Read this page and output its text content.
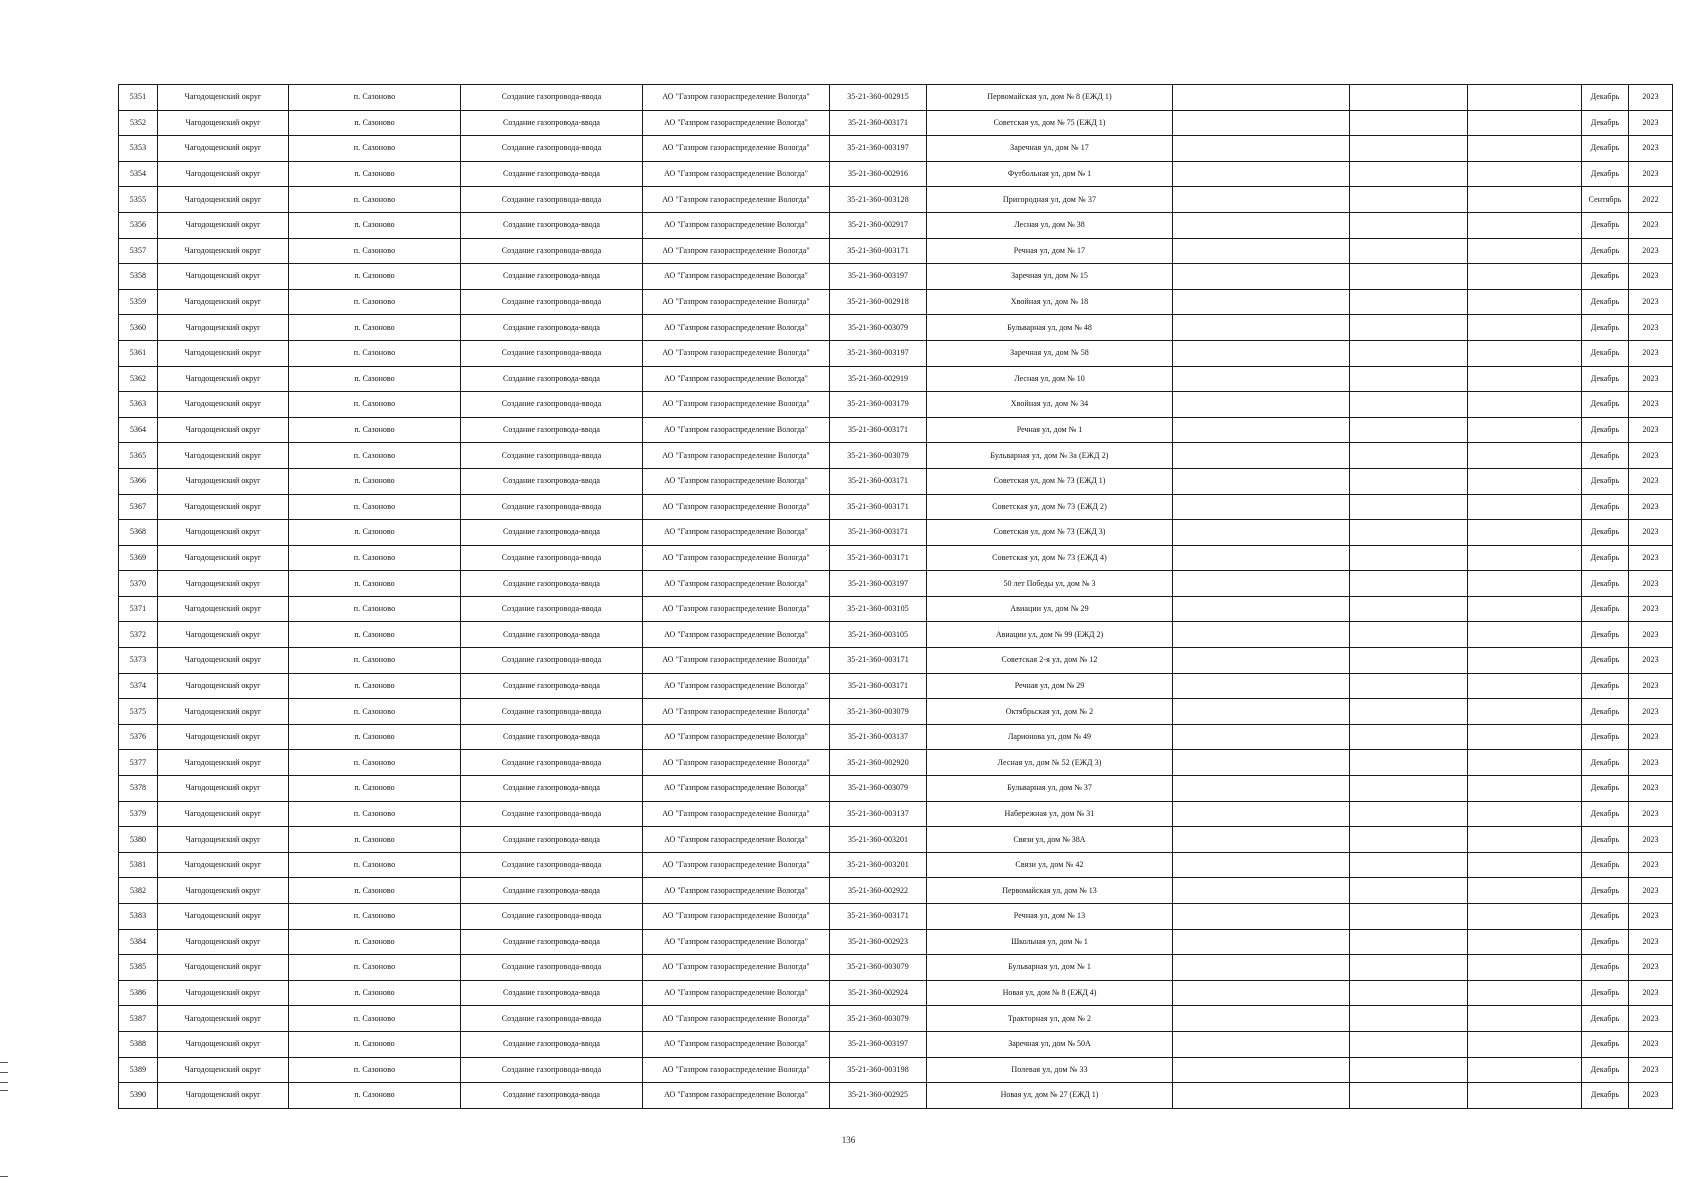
5351	Чагодощенский округ	п. Сазоново	Создание газопровода-ввода	АО "Газпром газораспределение Вологда"	35-21-360-002915	Первомайская ул, дом № 8 (ЕЖД 1)				Декабрь	2023
5352	Чагодощенский округ	п. Сазоново	Создание газопровода-ввода	АО "Газпром газораспределение Вологда"	35-21-360-003171	Советская ул, дом № 75 (ЕЖД 1)				Декабрь	2023
5353	Чагодощенский округ	п. Сазоново	Создание газопровода-ввода	АО "Газпром газораспределение Вологда"	35-21-360-003197	Заречная ул, дом № 17				Декабрь	2023
5354	Чагодощенский округ	п. Сазоново	Создание газопровода-ввода	АО "Газпром газораспределение Вологда"	35-21-360-002916	Футбольная ул, дом № 1				Декабрь	2023
5355	Чагодощенский округ	п. Сазоново	Создание газопровода-ввода	АО "Газпром газораспределение Вологда"	35-21-360-003128	Пригородная ул, дом № 37				Сентябрь	2022
5356	Чагодощенский округ	п. Сазоново	Создание газопровода-ввода	АО "Газпром газораспределение Вологда"	35-21-360-002917	Лесная ул, дом № 38				Декабрь	2023
5357	Чагодощенский округ	п. Сазоново	Создание газопровода-ввода	АО "Газпром газораспределение Вологда"	35-21-360-003171	Речная ул, дом № 17				Декабрь	2023
5358	Чагодощенский округ	п. Сазоново	Создание газопровода-ввода	АО "Газпром газораспределение Вологда"	35-21-360-003197	Заречная ул, дом № 15				Декабрь	2023
5359	Чагодощенский округ	п. Сазоново	Создание газопровода-ввода	АО "Газпром газораспределение Вологда"	35-21-360-002918	Хвойная ул, дом № 18				Декабрь	2023
5360	Чагодощенский округ	п. Сазоново	Создание газопровода-ввода	АО "Газпром газораспределение Вологда"	35-21-360-003079	Бульварная ул, дом № 48				Декабрь	2023
5361	Чагодощенский округ	п. Сазоново	Создание газопровода-ввода	АО "Газпром газораспределение Вологда"	35-21-360-003197	Заречная ул, дом № 58				Декабрь	2023
5362	Чагодощенский округ	п. Сазоново	Создание газопровода-ввода	АО "Газпром газораспределение Вологда"	35-21-360-002919	Лесная ул, дом № 10				Декабрь	2023
5363	Чагодощенский округ	п. Сазоново	Создание газопровода-ввода	АО "Газпром газораспределение Вологда"	35-21-360-003179	Хвойная ул, дом № 34				Декабрь	2023
5364	Чагодощенский округ	п. Сазоново	Создание газопровода-ввода	АО "Газпром газораспределение Вологда"	35-21-360-003171	Речная ул, дом № 1				Декабрь	2023
5365	Чагодощенский округ	п. Сазоново	Создание газопровода-ввода	АО "Газпром газораспределение Вологда"	35-21-360-003079	Бульварная ул, дом № 3а (ЕЖД 2)				Декабрь	2023
5366	Чагодощенский округ	п. Сазоново	Создание газопровода-ввода	АО "Газпром газораспределение Вологда"	35-21-360-003171	Советская ул, дом № 73 (ЕЖД 1)				Декабрь	2023
5367	Чагодощенский округ	п. Сазоново	Создание газопровода-ввода	АО "Газпром газораспределение Вологда"	35-21-360-003171	Советская ул, дом № 73 (ЕЖД 2)				Декабрь	2023
5368	Чагодощенский округ	п. Сазоново	Создание газопровода-ввода	АО "Газпром газораспределение Вологда"	35-21-360-003171	Советская ул, дом № 73 (ЕЖД 3)				Декабрь	2023
5369	Чагодощенский округ	п. Сазоново	Создание газопровода-ввода	АО "Газпром газораспределение Вологда"	35-21-360-003171	Советская ул, дом № 73 (ЕЖД 4)				Декабрь	2023
5370	Чагодощенский округ	п. Сазоново	Создание газопровода-ввода	АО "Газпром газораспределение Вологда"	35-21-360-003197	50 лет Победы ул, дом № 3				Декабрь	2023
5371	Чагодощенский округ	п. Сазоново	Создание газопровода-ввода	АО "Газпром газораспределение Вологда"	35-21-360-003105	Авиации ул, дом № 29				Декабрь	2023
5372	Чагодощенский округ	п. Сазоново	Создание газопровода-ввода	АО "Газпром газораспределение Вологда"	35-21-360-003105	Авиации ул, дом № 99 (ЕЖД 2)				Декабрь	2023
5373	Чагодощенский округ	п. Сазоново	Создание газопровода-ввода	АО "Газпром газораспределение Вологда"	35-21-360-003171	Советская 2-я ул, дом № 12				Декабрь	2023
5374	Чагодощенский округ	п. Сазоново	Создание газопровода-ввода	АО "Газпром газораспределение Вологда"	35-21-360-003171	Речная ул, дом № 29				Декабрь	2023
5375	Чагодощенский округ	п. Сазоново	Создание газопровода-ввода	АО "Газпром газораспределение Вологда"	35-21-360-003079	Октябрьская ул, дом № 2				Декабрь	2023
5376	Чагодощенский округ	п. Сазоново	Создание газопровода-ввода	АО "Газпром газораспределение Вологда"	35-21-360-003137	Ларионова ул, дом № 49				Декабрь	2023
5377	Чагодощенский округ	п. Сазоново	Создание газопровода-ввода	АО "Газпром газораспределение Вологда"	35-21-360-002920	Лесная ул, дом № 52 (ЕЖД 3)				Декабрь	2023
5378	Чагодощенский округ	п. Сазоново	Создание газопровода-ввода	АО "Газпром газораспределение Вологда"	35-21-360-003079	Бульварная ул, дом № 37				Декабрь	2023
5379	Чагодощенский округ	п. Сазоново	Создание газопровода-ввода	АО "Газпром газораспределение Вологда"	35-21-360-003137	Набережная ул, дом № 31				Декабрь	2023
5380	Чагодощенский округ	п. Сазоново	Создание газопровода-ввода	АО "Газпром газораспределение Вологда"	35-21-360-003201	Связи ул, дом № 38А				Декабрь	2023
5381	Чагодощенский округ	п. Сазоново	Создание газопровода-ввода	АО "Газпром газораспределение Вологда"	35-21-360-003201	Связи ул, дом № 42				Декабрь	2023
5382	Чагодощенский округ	п. Сазоново	Создание газопровода-ввода	АО "Газпром газораспределение Вологда"	35-21-360-002922	Первомайская ул, дом № 13				Декабрь	2023
5383	Чагодощенский округ	п. Сазоново	Создание газопровода-ввода	АО "Газпром газораспределение Вологда"	35-21-360-003171	Речная ул, дом № 13				Декабрь	2023
5384	Чагодощенский округ	п. Сазоново	Создание газопровода-ввода	АО "Газпром газораспределение Вологда"	35-21-360-002923	Школьная ул, дом № 1				Декабрь	2023
5385	Чагодощенский округ	п. Сазоново	Создание газопровода-ввода	АО "Газпром газораспределение Вологда"	35-21-360-003079	Бульварная ул, дом № 1				Декабрь	2023
5386	Чагодощенский округ	п. Сазоново	Создание газопровода-ввода	АО "Газпром газораспределение Вологда"	35-21-360-002924	Новая ул, дом № 8 (ЕЖД 4)				Декабрь	2023
5387	Чагодощенский округ	п. Сазоново	Создание газопровода-ввода	АО "Газпром газораспределение Вологда"	35-21-360-003079	Тракторная ул, дом № 2				Декабрь	2023
5388	Чагодощенский округ	п. Сазоново	Создание газопровода-ввода	АО "Газпром газораспределение Вологда"	35-21-360-003197	Заречная ул, дом № 50А				Декабрь	2023
5389	Чагодощенский округ	п. Сазоново	Создание газопровода-ввода	АО "Газпром газораспределение Вологда"	35-21-360-003198	Полевая ул, дом № 33				Декабрь	2023
5390	Чагодощенский округ	п. Сазоново	Создание газопровода-ввода	АО "Газпром газораспределение Вологда"	35-21-360-002925	Новая ул, дом № 27 (ЕЖД 1)				Декабрь	2023
136
